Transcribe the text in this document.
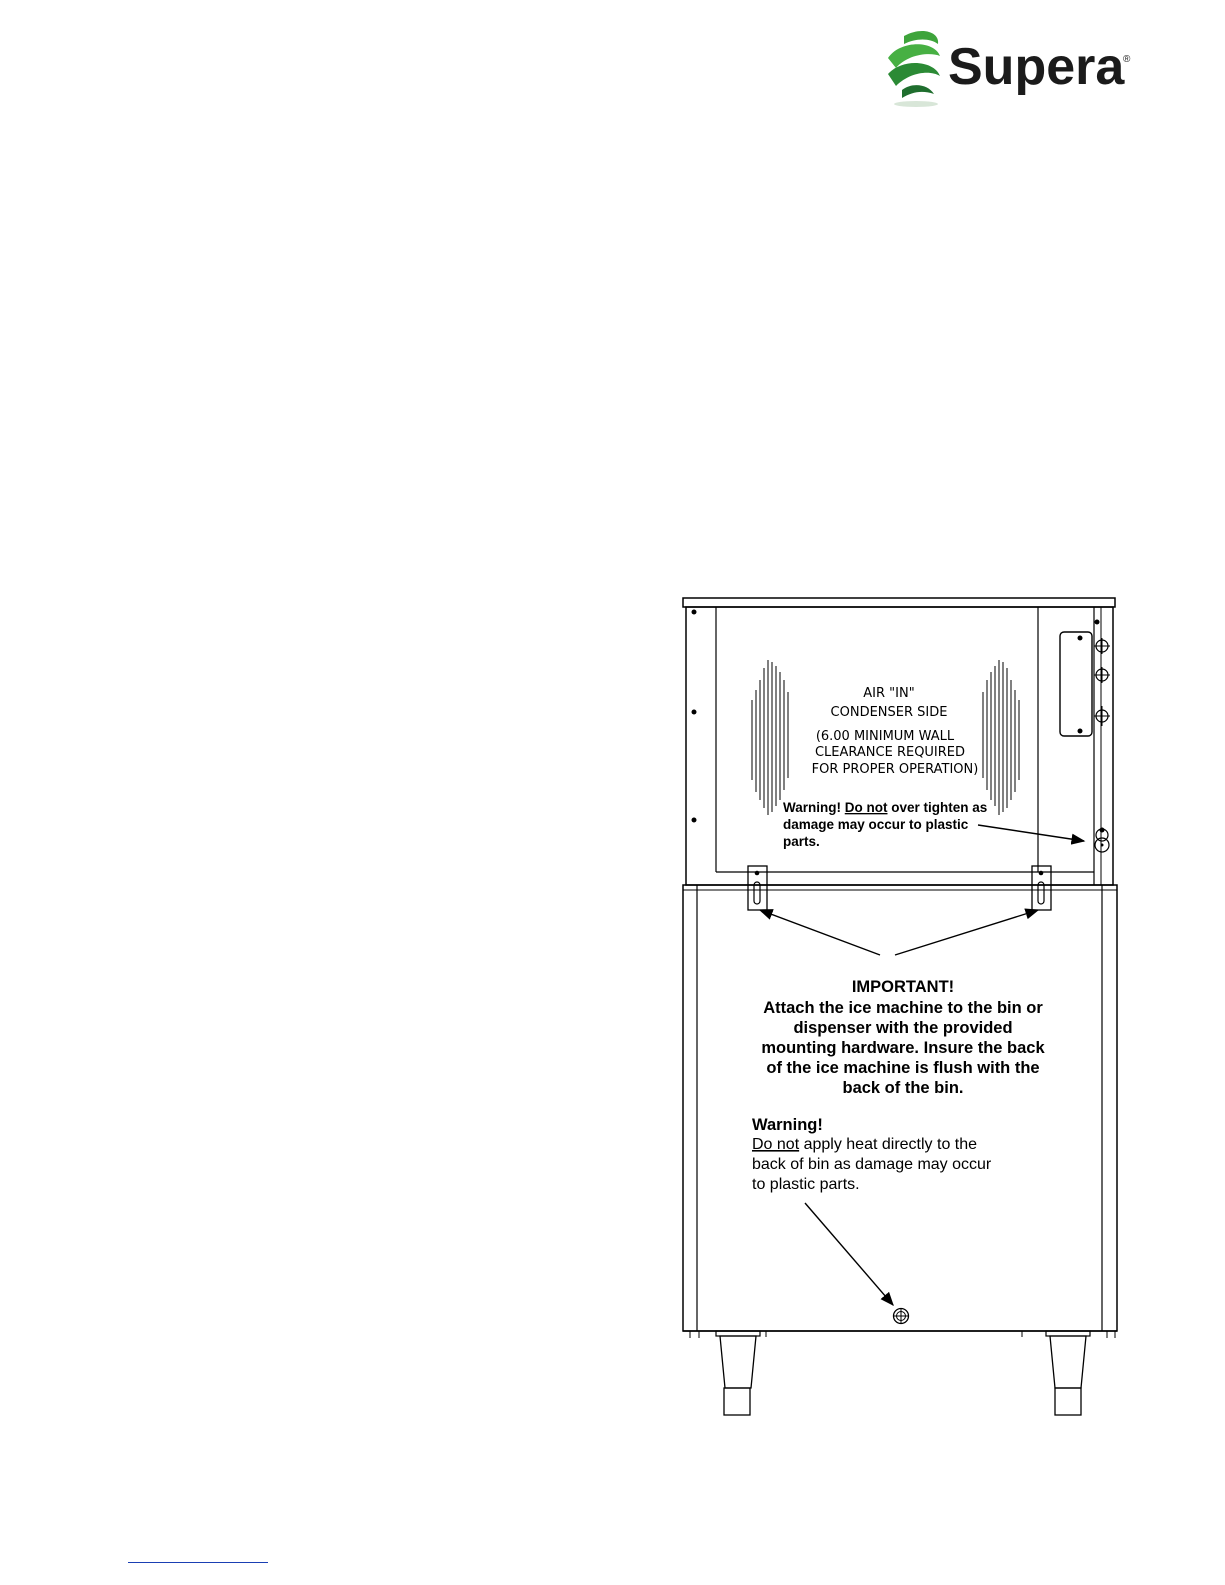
Supera
®
AIR "IN"
CONDENSER SIDE
(6.00 MINIMUM WALL
CLEARANCE REQUIRED
FOR PROPER OPERATION)
Warning! Do not over tighten as
damage may occur to plastic
parts.
IMPORTANT!
Attach the ice machine to the bin or
dispenser with the provided
mounting hardware. Insure the back
of the ice machine is flush with the
back of the bin.
Warning!
Do not apply heat directly to the
back of bin as damage may occur
to plastic parts.
